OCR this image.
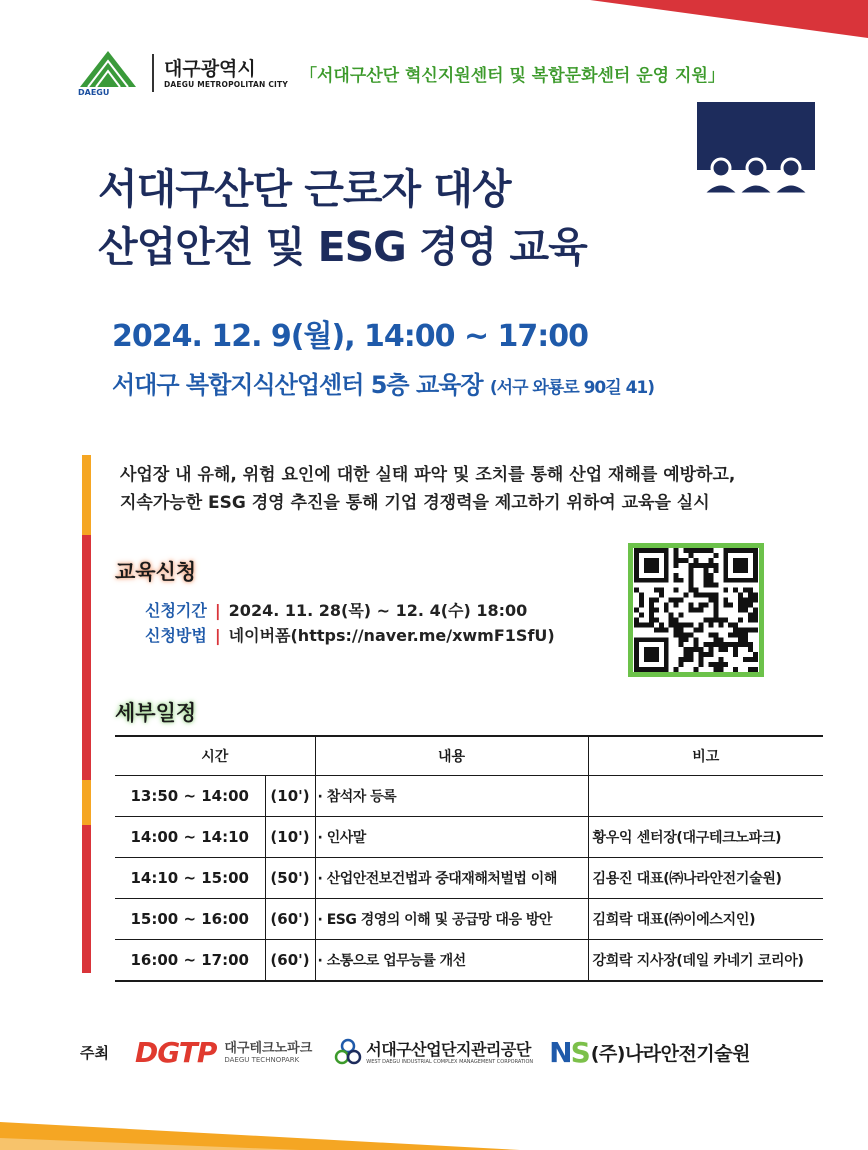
DAEGU
대구광역시
DAEGU METROPOLITAN CITY 「서대구산단 혁신지원센터 및 복합문화센터 운영 지원」
서대구산단 근로자 대상
산업안전 및 ESG 경영 교육
2024. 12. 9(월), 14:00 ~ 17:00
서대구 복합지식산업센터 5층 교육장 (서구 와룡로 90길 41)
사업장 내 유해, 위험 요인에 대한 실태 파악 및 조치를 통해 산업 재해를 예방하고,
지속가능한 ESG 경영 추진을 통해 기업 경쟁력을 제고하기 위하여 교육을 실시
교육신청
신청기간 | 2024. 11. 28(목) ~ 12. 4(수) 18:00
신청방법 | 네이버폼(https://naver.me/xwmF1SfU)
세부일정
시간		내용	비고
13:50 ~ 14:00	(10')	· 참석자 등록	
14:00 ~ 14:10	(10')	· 인사말	황우익 센터장(대구테크노파크)
14:10 ~ 15:00	(50')	· 산업안전보건법과 중대재해처벌법 이해	김용진 대표(㈜나라안전기술원)
15:00 ~ 16:00	(60')	· ESG 경영의 이해 및 공급망 대응 방안	김희락 대표(㈜이에스지인)
16:00 ~ 17:00	(60')	· 소통으로 업무능률 개선	강희락 지사장(데일 카네기 코리아)
주최 DGTP 대구테크노파크
DAEGU TECHNOPARK
서대구산업단지관리공단
WEST DAEGU INDUSTRIAL COMPLEX MANAGEMENT CORPORATION NS (주)나라안전기술원
